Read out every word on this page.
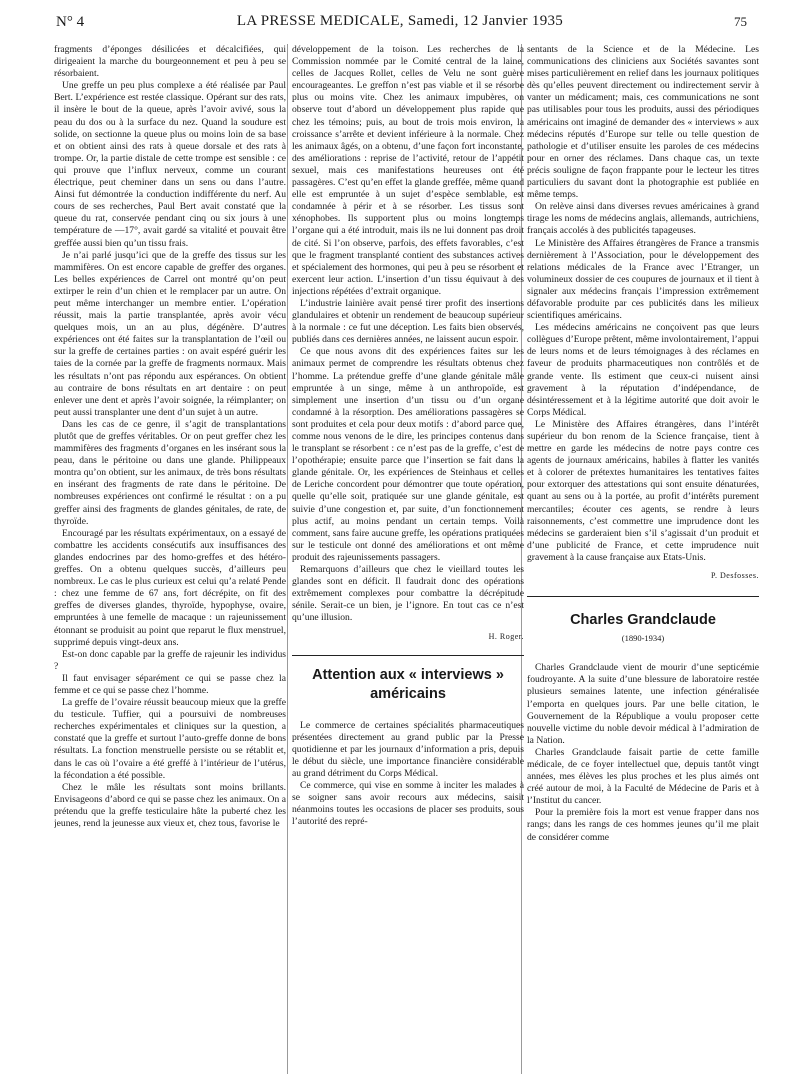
N° 4	LA PRESSE MEDICALE, Samedi, 12 Janvier 1935	75

fragments d’éponges désilicées et décalcifiées, qui dirigeaient la marche du bourgeonnement et peu à peu se résorbaient.

Une greffe un peu plus complexe a été réalisée par Paul Bert. L’expérience est restée classique. Opérant sur des rats, il insère le bout de la queue, après l’avoir avivé, sous la peau du dos ou à la surface du nez. Quand la soudure est solide, on sectionne la queue plus ou moins loin de sa base et on obtient ainsi des rats à queue dorsale et des rats à trompe. Or, la partie distale de cette trompe est sensible : ce qui prouve que l’influx nerveux, comme un courant électrique, peut cheminer dans un sens ou dans l’autre. Ainsi fut démontrée la conduction indifférente du nerf. Au cours de ses recherches, Paul Bert avait constaté que la queue du rat, conservée pendant cinq ou six jours à une température de —17°, avait gardé sa vitalité et pouvait être greffée aussi bien qu’un tissu frais.

Je n’ai parlé jusqu’ici que de la greffe des tissus sur les mammifères. On est encore capable de greffer des organes. Les belles expériences de Carrel ont montré qu’on peut extirper le rein d’un chien et le remplacer par un autre. On peut même interchanger un membre entier. L’opération réussit, mais la partie transplantée, après avoir vécu quelques mois, un an au plus, dégénère. D’autres expériences ont été faites sur la transplantation de l’œil ou sur la greffe de certaines parties : on avait espéré guérir les taies de la cornée par la greffe de fragments normaux. Mais les résultats n’ont pas répondu aux espérances. On obtient au contraire de bons résultats en art dentaire : on peut enlever une dent et après l’avoir soignée, la réimplanter; on peut aussi transplanter une dent d’un sujet à un autre.

Dans les cas de ce genre, il s’agit de transplantations plutôt que de greffes véritables. Or on peut greffer chez les mammifères des fragments d’organes en les insérant sous la peau, dans le péritoine ou dans une glande. Philippeaux montra qu’on obtient, sur les animaux, de très bons résultats en insérant des fragments de rate dans le péritoine. De nombreuses expériences ont confirmé le résultat : on a pu greffer ainsi des fragments de glandes génitales, de rate, de thyroïde.

Encouragé par les résultats expérimentaux, on a essayé de combattre les accidents consécutifs aux insuffisances des glandes endocrines par des homo-greffes et des hétéro-greffes. On a obtenu quelques succès, d’ailleurs peu nombreux. Le cas le plus curieux est celui qu’a relaté Pende : chez une femme de 67 ans, fort décrépite, on fit des greffes de diverses glandes, thyroïde, hypophyse, ovaire, empruntées à une femelle de macaque : un rajeunissement étonnant se produisit au point que reparut le flux menstruel, supprimé depuis vingt-deux ans.

Est-on donc capable par la greffe de rajeunir les individus ?

Il faut envisager séparément ce qui se passe chez la femme et ce qui se passe chez l’homme.

La greffe de l’ovaire réussit beaucoup mieux que la greffe du testicule. Tuffier, qui a poursuivi de nombreuses recherches expérimentales et cliniques sur la question, a constaté que la greffe et surtout l’auto-greffe donne de bons résultats. La fonction menstruelle persiste ou se rétablit et, dans le cas où l’ovaire a été greffé à l’intérieur de l’utérus, la fécondation a été possible.

Chez le mâle les résultats sont moins brillants. Envisageons d’abord ce qui se passe chez les animaux. On a prétendu que la greffe testiculaire hâte la puberté chez les jeunes, rend la jeunesse aux vieux et, chez tous, favorise le

développement de la toison. Les recherches de la Commission nommée par le Comité central de la laine, celles de Jacques Rollet, celles de Velu ne sont guère encourageantes. Le greffon n’est pas viable et il se résorbe plus ou moins vite. Chez les animaux impubères, on observe tout d’abord un développement plus rapide que chez les témoins; puis, au bout de trois mois environ, la croissance s’arrête et devient inférieure à la normale. Chez les animaux âgés, on a obtenu, d’une façon fort inconstante, des améliorations : reprise de l’activité, retour de l’appétit sexuel, mais ces manifestations heureuses ont été passagères. C’est qu’en effet la glande greffée, même quand elle est empruntée à un sujet d’espèce semblable, est condamnée à périr et à se résorber. Les tissus sont xénophobes. Ils supportent plus ou moins longtemps l’organe qui a été introduit, mais ils ne lui donnent pas droit de cité. Si l’on observe, parfois, des effets favorables, c’est que le fragment transplanté contient des substances actives et spécialement des hormones, qui peu à peu se résorbent et exercent leur action. L’insertion d’un tissu équivaut à des injections répétées d’extrait organique.

L’industrie lainière avait pensé tirer profit des insertions glandulaires et obtenir un rendement de beaucoup supérieur à la normale : ce fut une déception. Les faits bien observés, publiés dans ces dernières années, ne laissent aucun espoir.

Ce que nous avons dit des expériences faites sur les animaux permet de comprendre les résultats obtenus chez l’homme. La prétendue greffe d’une glande génitale mâle empruntée à un singe, même à un anthropoïde, est simplement une insertion d’un tissu ou d’un organe condamné à la résorption. Des améliorations passagères se sont produites et cela pour deux motifs : d’abord parce que, comme nous venons de le dire, les principes contenus dans le transplant se résorbent : ce n’est pas de la greffe, c’est de l’opothérapie; ensuite parce que l’insertion se fait dans la glande génitale. Or, les expériences de Steinhaus et celles de Leriche concordent pour démontrer que toute opération, quelle qu’elle soit, pratiquée sur une glande génitale, est suivie d’une congestion et, par suite, d’un fonctionnement plus actif, au moins pendant un certain temps. Voilà comment, sans faire aucune greffe, les opérations pratiquées sur le testicule ont donné des améliorations et ont même produit des rajeunissements passagers.

Remarquons d’ailleurs que chez le vieillard toutes les glandes sont en déficit. Il faudrait donc des opérations extrêmement complexes pour combattre la décrépitude sénile. Serait-ce un bien, je l’ignore. En tout cas ce n’est qu’une illusion.

H. Roger.
Attention aux « interviews » américains

Le commerce de certaines spécialités pharmaceutiques présentées directement au grand public par la Presse quotidienne et par les journaux d’information a pris, depuis le début du siècle, une importance financière considérable au grand détriment du Corps Médical.

Ce commerce, qui vise en somme à inciter les malades à se soigner sans avoir recours aux médecins, saisit néanmoins toutes les occasions de placer ses produits, sous l’autorité des repré-

sentants de la Science et de la Médecine. Les communications des cliniciens aux Sociétés savantes sont mises particulièrement en relief dans les journaux politiques dès qu’elles peuvent directement ou indirectement servir à vanter un médicament; mais, ces communications ne sont pas utilisables pour tous les produits, aussi des périodiques américains ont imaginé de demander des « interviews » aux médecins réputés d’Europe sur telle ou telle question de pathologie et d’utiliser ensuite les paroles de ces médecins pour en orner des réclames. Dans chaque cas, un texte précis souligne de façon frappante pour le lecteur les titres particuliers du savant dont la photographie est publiée en même temps.

On relève ainsi dans diverses revues américaines à grand tirage les noms de médecins anglais, allemands, autrichiens, français accolés à des publicités tapageuses.

Le Ministère des Affaires étrangères de France a transmis dernièrement à l’Association, pour le développement des relations médicales de la France avec l’Etranger, un volumineux dossier de ces coupures de journaux et il tient à signaler aux médecins français l’impression extrêmement défavorable produite par ces publicités dans les milieux scientifiques américains.

Les médecins américains ne conçoivent pas que leurs collègues d’Europe prêtent, même involontairement, l’appui de leurs noms et de leurs témoignages à des réclames en faveur de produits pharmaceutiques non contrôlés et de grande vente. Ils estiment que ceux-ci nuisent ainsi gravement à la réputation d’indépendance, de désintéressement et à la légitime autorité que doit avoir le Corps Médical.

Le Ministère des Affaires étrangères, dans l’intérêt supérieur du bon renom de la Science française, tient à mettre en garde les médecins de notre pays contre ces agents de journaux américains, habiles à flatter les vanités et à colorer de prétextes humanitaires les tentatives faites pour extorquer des attestations qui sont ensuite dénaturées, quant au sens ou à la portée, au profit d’intérêts purement mercantiles; écouter ces agents, se rendre à leurs raisonnements, c’est commettre une imprudence dont les médecins se garderaient bien s’il s’agissait d’un produit et d’une publicité de France, et cette imprudence nuit gravement à la cause française aux Etats-Unis.

P. Desfosses.
Charles Grandclaude
(1890-1934)

Charles Grandclaude vient de mourir d’une septicémie foudroyante. A la suite d’une blessure de laboratoire restée plusieurs semaines latente, une infection généralisée l’emporta en quelques jours. Par une belle citation, le Gouvernement de la République a voulu proposer cette nouvelle victime du noble devoir médical à l’admiration de la Nation.

Charles Grandclaude faisait partie de cette famille médicale, de ce foyer intellectuel que, depuis tantôt vingt années, mes élèves les plus proches et les plus aimés ont créé autour de moi, à la Faculté de Médecine de Paris et à l’Institut du cancer.

Pour la première fois la mort est venue frapper dans nos rangs; dans les rangs de ces hommes jeunes qu’il me plait de considérer comme
